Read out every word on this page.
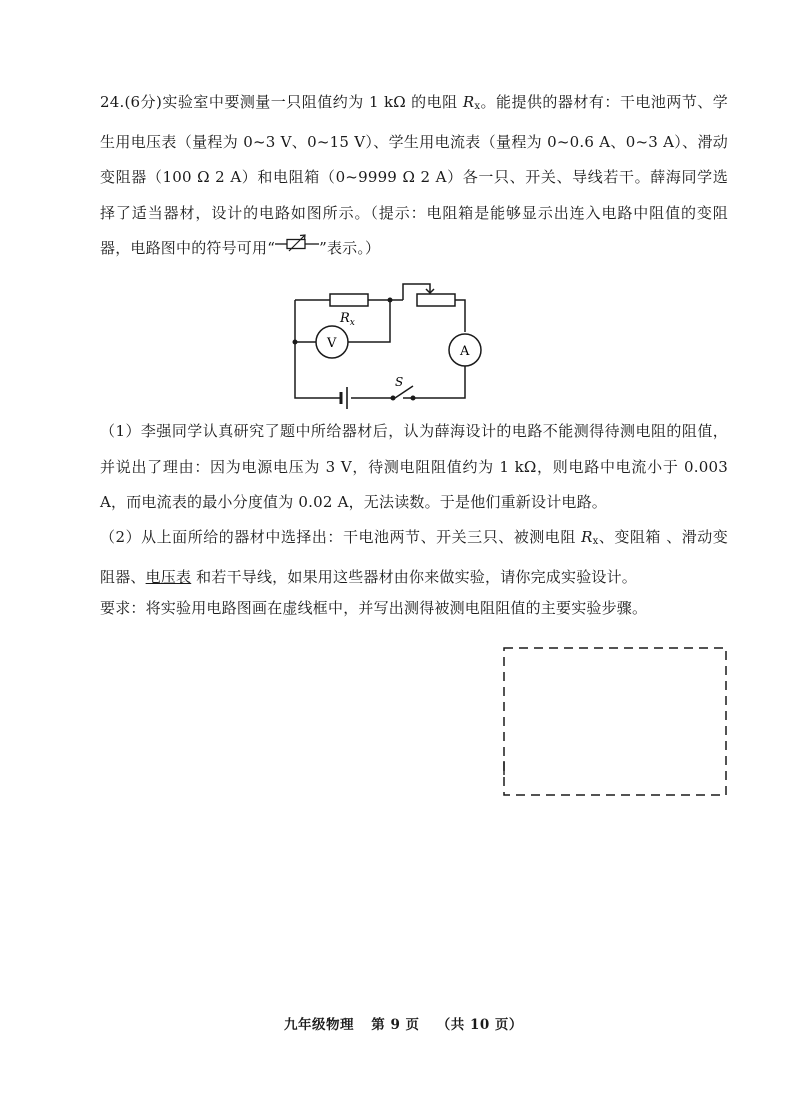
24.(6分)实验室中要测量一只阻值约为 1 kΩ 的电阻 $R_x$。能提供的器材有：干电池两节、学生用电压表（量程为 0~3 V、0~15 V）、学生用电流表（量程为 0~0.6 A、0~3 A）、滑动变阻器（100 Ω 2 A）和电阻箱（0~9999 Ω 2 A）各一只、开关、导线若干。薛海同学选择了适当器材，设计的电路如图所示。（提示：电阻箱是能够显示出连入电路中阻值的变阻器，电路图中的符号可用“	”表示。）

$R_x$
V
A
S

（1）李强同学认真研究了题中所给器材后，认为薛海设计的电路不能测得待测电阻的阻值，并说出了理由：因为电源电压为 3 V，待测电阻阻值约为 1 kΩ，则电路中电流小于 0.003 A，而电流表的最小分度值为 0.02 A，无法读数。于是他们重新设计电路。

（2）从上面所给的器材中选择出：干电池两节、开关三只、被测电阻 $R_x$、变阻箱 、滑动变阻器、电压表 和若干导线，如果用这些器材由你来做实验，请你完成实验设计。

要求：将实验用电路图画在虚线框中，并写出测得被测电阻阻值的主要实验步骤。

九年级物理 第 9 页 （共 10 页）
